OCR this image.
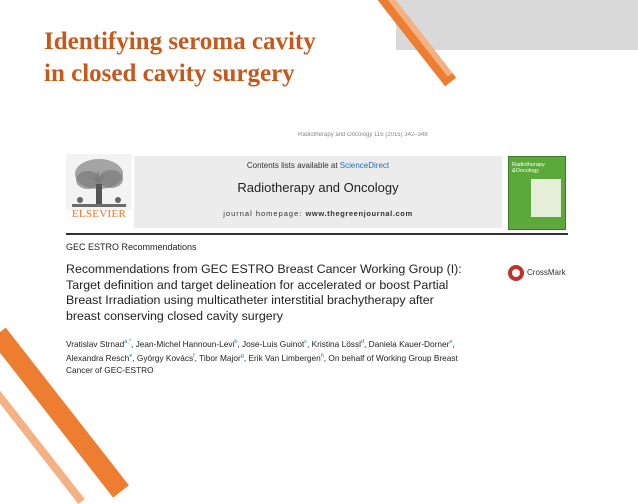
Identifying seroma cavity
in closed cavity surgery
Radiotherapy and Oncology 115 (2015) 342–348
ELSEVIER
Contents lists available at ScienceDirect
Radiotherapy and Oncology
journal homepage: www.thegreenjournal.com
Radiotherapy
&Oncology
GEC ESTRO Recommendations
Recommendations from GEC ESTRO Breast Cancer Working Group (I):
Target definition and target delineation for accelerated or boost Partial
Breast Irradiation using multicatheter interstitial brachytherapy after
breast conserving closed cavity surgery
CrossMark

Vratislav Strnad$^{a,*}$, Jean-Michel Hannoun-Levi$^b$, Jose-Luis Guinot$^c$, Kristina Lössl$^d$, Daniela Kauer-Dorner$^e$,
Alexandra Resch$^e$, György Kovács$^f$, Tibor Major$^g$, Erik Van Limbergen$^h$, On behalf of Working Group Breast
Cancer of GEC-ESTRO
